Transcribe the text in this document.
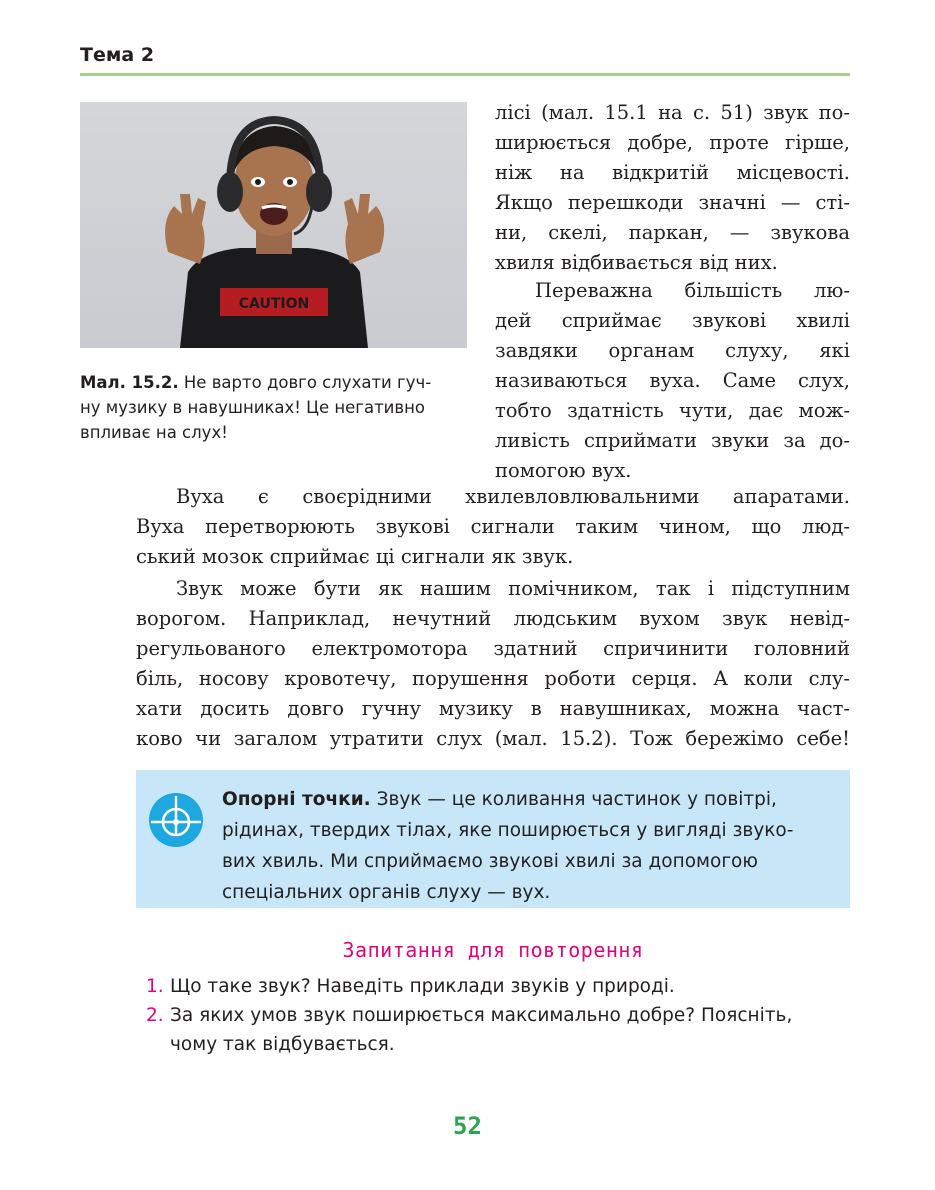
Тема 2
CAUTION
Мал. 15.2. Не варто довго слухати гуч-
ну музику в навушниках! Це негативно
впливає на слух!
лісі (мал. 15.1 на с. 51) звук по-
ширюється добре, проте гірше,
ніж на відкритій місцевості.
Якщо перешкоди значні — сті-
ни, скелі, паркан, — звукова
хвиля відбивається від них.
Переважна більшість лю-
дей сприймає звукові хвилі
завдяки органам слуху, які
називаються вуха. Саме слух,
тобто здатність чути, дає мож-
ливість сприймати звуки за до-
помогою вух.
Вуха є своєрідними хвилевловлювальними апаратами.
Вуха перетворюють звукові сигнали таким чином, що люд-
ський мозок сприймає ці сигнали як звук.
Звук може бути як нашим помічником, так і підступним
ворогом. Наприклад, нечутний людським вухом звук невід-
регульованого електромотора здатний спричинити головний
біль, носову кровотечу, порушення роботи серця. А коли слу-
хати досить довго гучну музику в навушниках, можна част-
ково чи загалом утратити слух (мал. 15.2). Тож бережімо себе!
Опорні точки. Звук — це коливання частинок у повітрі,
рідинах, твердих тілах, яке поширюється у вигляді звуко-
вих хвиль. Ми сприймаємо звукові хвилі за допомогою
спеціальних органів слуху — вух.
Запитання для повторення
1. Що таке звук? Наведіть приклади звуків у природі.
2. За яких умов звук поширюється максимально добре? Поясніть,
чому так відбувається.
52
